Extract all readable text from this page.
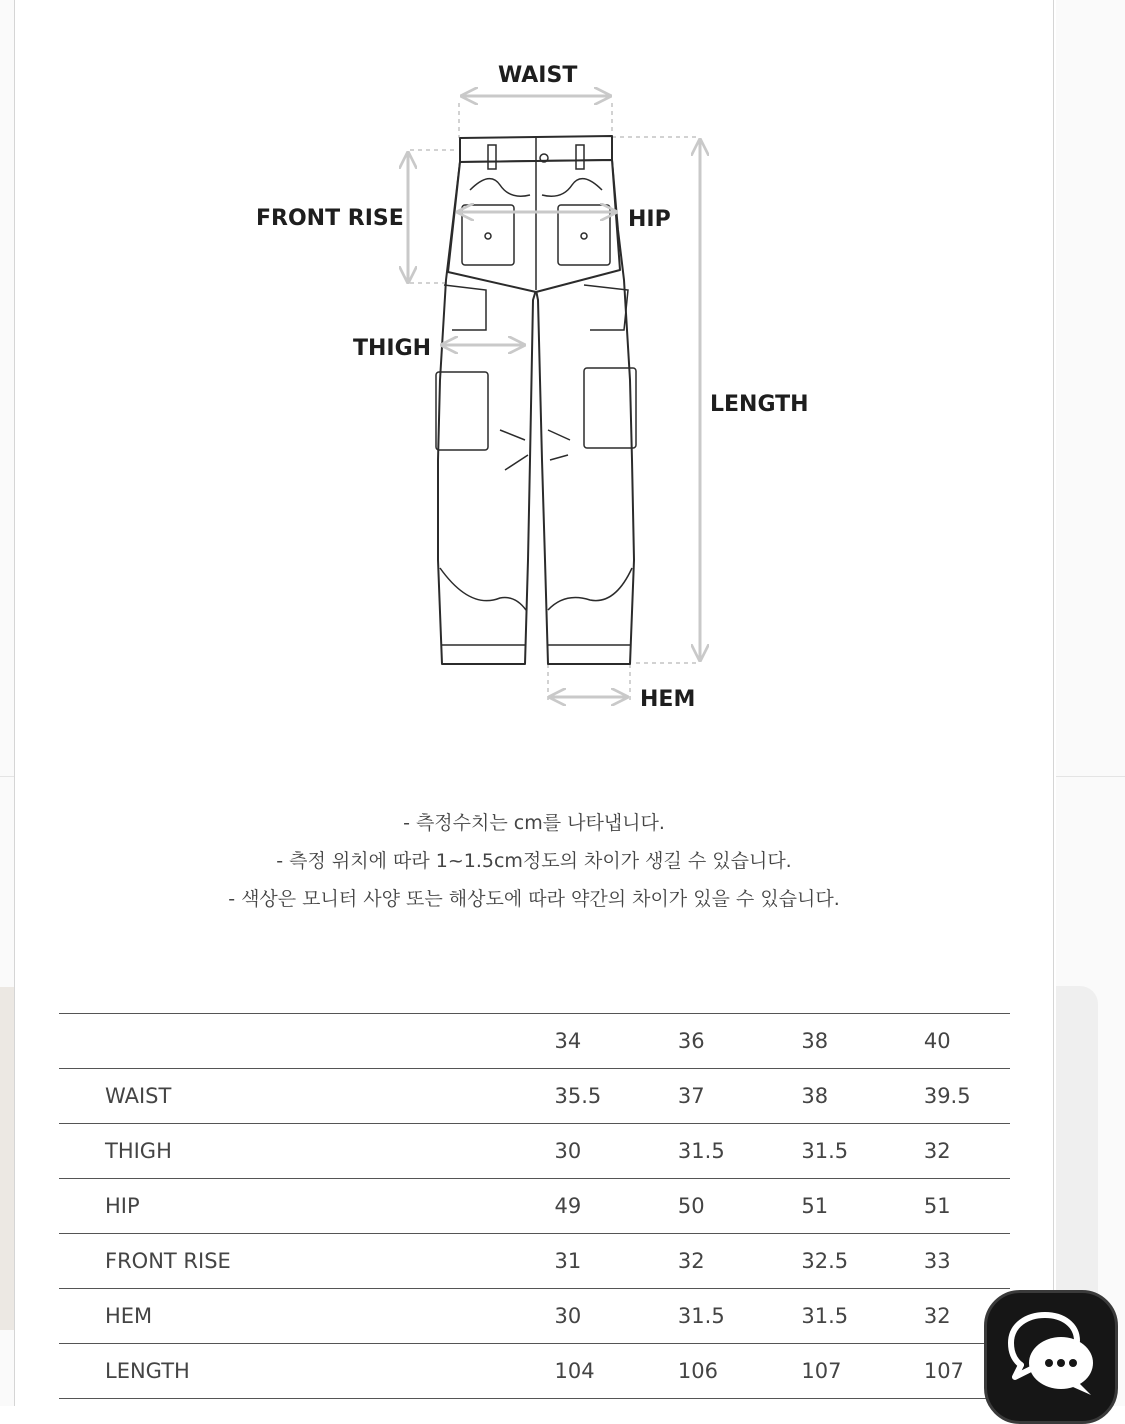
WAIST
FRONT RISE	HIP
THIGH
LENGTH
HEM

- 측정수치는 cm를 나타냅니다.

- 측정 위치에 따라 1~1.5cm정도의 차이가 생길 수 있습니다.

- 색상은 모니터 사양 또는 해상도에 따라 약간의 차이가 있을 수 있습니다.

	34	36	38	40
WAIST	35.5	37	38	39.5
THIGH	30	31.5	31.5	32
HIP	49	50	51	51
FRONT RISE	31	32	32.5	33
HEM	30	31.5	31.5	32
LENGTH	104	106	107	107
